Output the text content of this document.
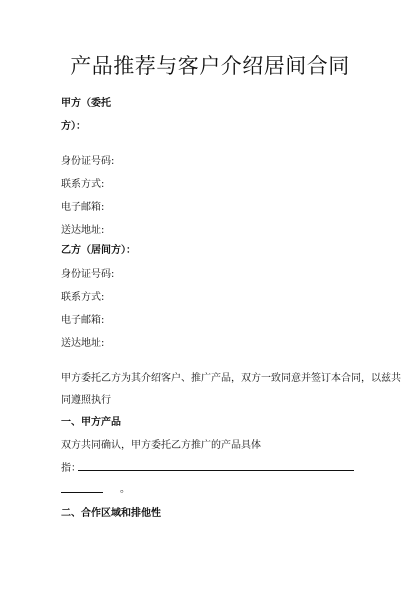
产品推荐与客户介绍居间合同
甲方（委托
方）：
身份证号码:
联系方式:
电子邮箱:
送达地址:
乙方（居间方）：
身份证号码:
联系方式:
电子邮箱:
送达地址:
甲方委托乙方为其介绍客户、推广产品，双方一致同意并签订本合同，以兹共
同遵照执行
一、甲方产品
双方共同确认，甲方委托乙方推广的产品具体
指：
。
二、合作区域和排他性
